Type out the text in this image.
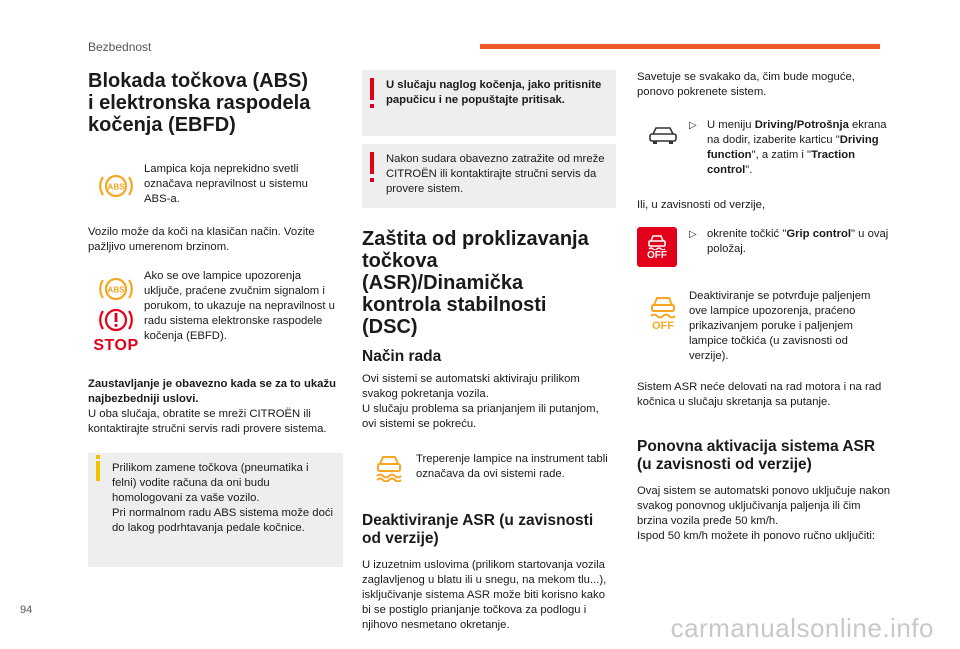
Bezbednost
Blokada točkova (ABS) i elektronska raspodela kočenja (EBFD)
ABS
Lampica koja neprekidno svetli označava nepravilnost u sistemu ABS-a.
Vozilo može da koči na klasičan način. Vozite pažljivo umerenom brzinom.
ABS
STOP
Ako se ove lampice upozorenja uključe, praćene zvučnim signalom i porukom, to ukazuje na nepravilnost u radu sistema elektronske raspodele kočenja (EBFD).
Zaustavljanje je obavezno kada se za to ukažu najbezbedniji uslovi.
U oba slučaja, obratite se mreži CITROËN ili kontaktirajte stručni servis radi provere sistema.
Prilikom zamene točkova (pneumatika i felni) vodite računa da oni budu homologovani za vaše vozilo.
Pri normalnom radu ABS sistema može doći do lakog podrhtavanja pedale kočnice.
U slučaju naglog kočenja, jako pritisnite papučicu i ne popuštajte pritisak.
Nakon sudara obavezno zatražite od mreže CITROËN ili kontaktirajte stručni servis da provere sistem.
Zaštita od proklizavanja točkova (ASR)/Dinamička kontrola stabilnosti (DSC)
Način rada
Ovi sistemi se automatski aktiviraju prilikom svakog pokretanja vozila.
U slučaju problema sa prianjanjem ili putanjom, ovi sistemi se pokreću.
Treperenje lampice na instrument tabli označava da ovi sistemi rade.
Deaktiviranje ASR (u zavisnosti od verzije)
U izuzetnim uslovima (prilikom startovanja vozila zaglavljenog u blatu ili u snegu, na mekom tlu...), isključivanje sistema ASR može biti korisno kako bi se postiglo prianjanje točkova za podlogu i njihovo nesmetano okretanje.
Savetuje se svakako da, čim bude moguće, ponovo pokrenete sistem.
▷ U meniju Driving/Potrošnja ekrana na dodir, izaberite karticu "Driving function", a zatim i "Traction control".
Ili, u zavisnosti od verzije,
OFF
▷ okrenite točkić "Grip control" u ovaj položaj.
OFF
Deaktiviranje se potvrđuje paljenjem ove lampice upozorenja, praćeno prikazivanjem poruke i paljenjem lampice točkića (u zavisnosti od verzije).
Sistem ASR neće delovati na rad motora i na rad kočnica u slučaju skretanja sa putanje.
Ponovna aktivacija sistema ASR (u zavisnosti od verzije)
Ovaj sistem se automatski ponovo uključuje nakon svakog ponovnog uključivanja paljenja ili čim brzina vozila pređe 50 km/h.
Ispod 50 km/h možete ih ponovo ručno uključiti:
94
carmanualsonline.info
